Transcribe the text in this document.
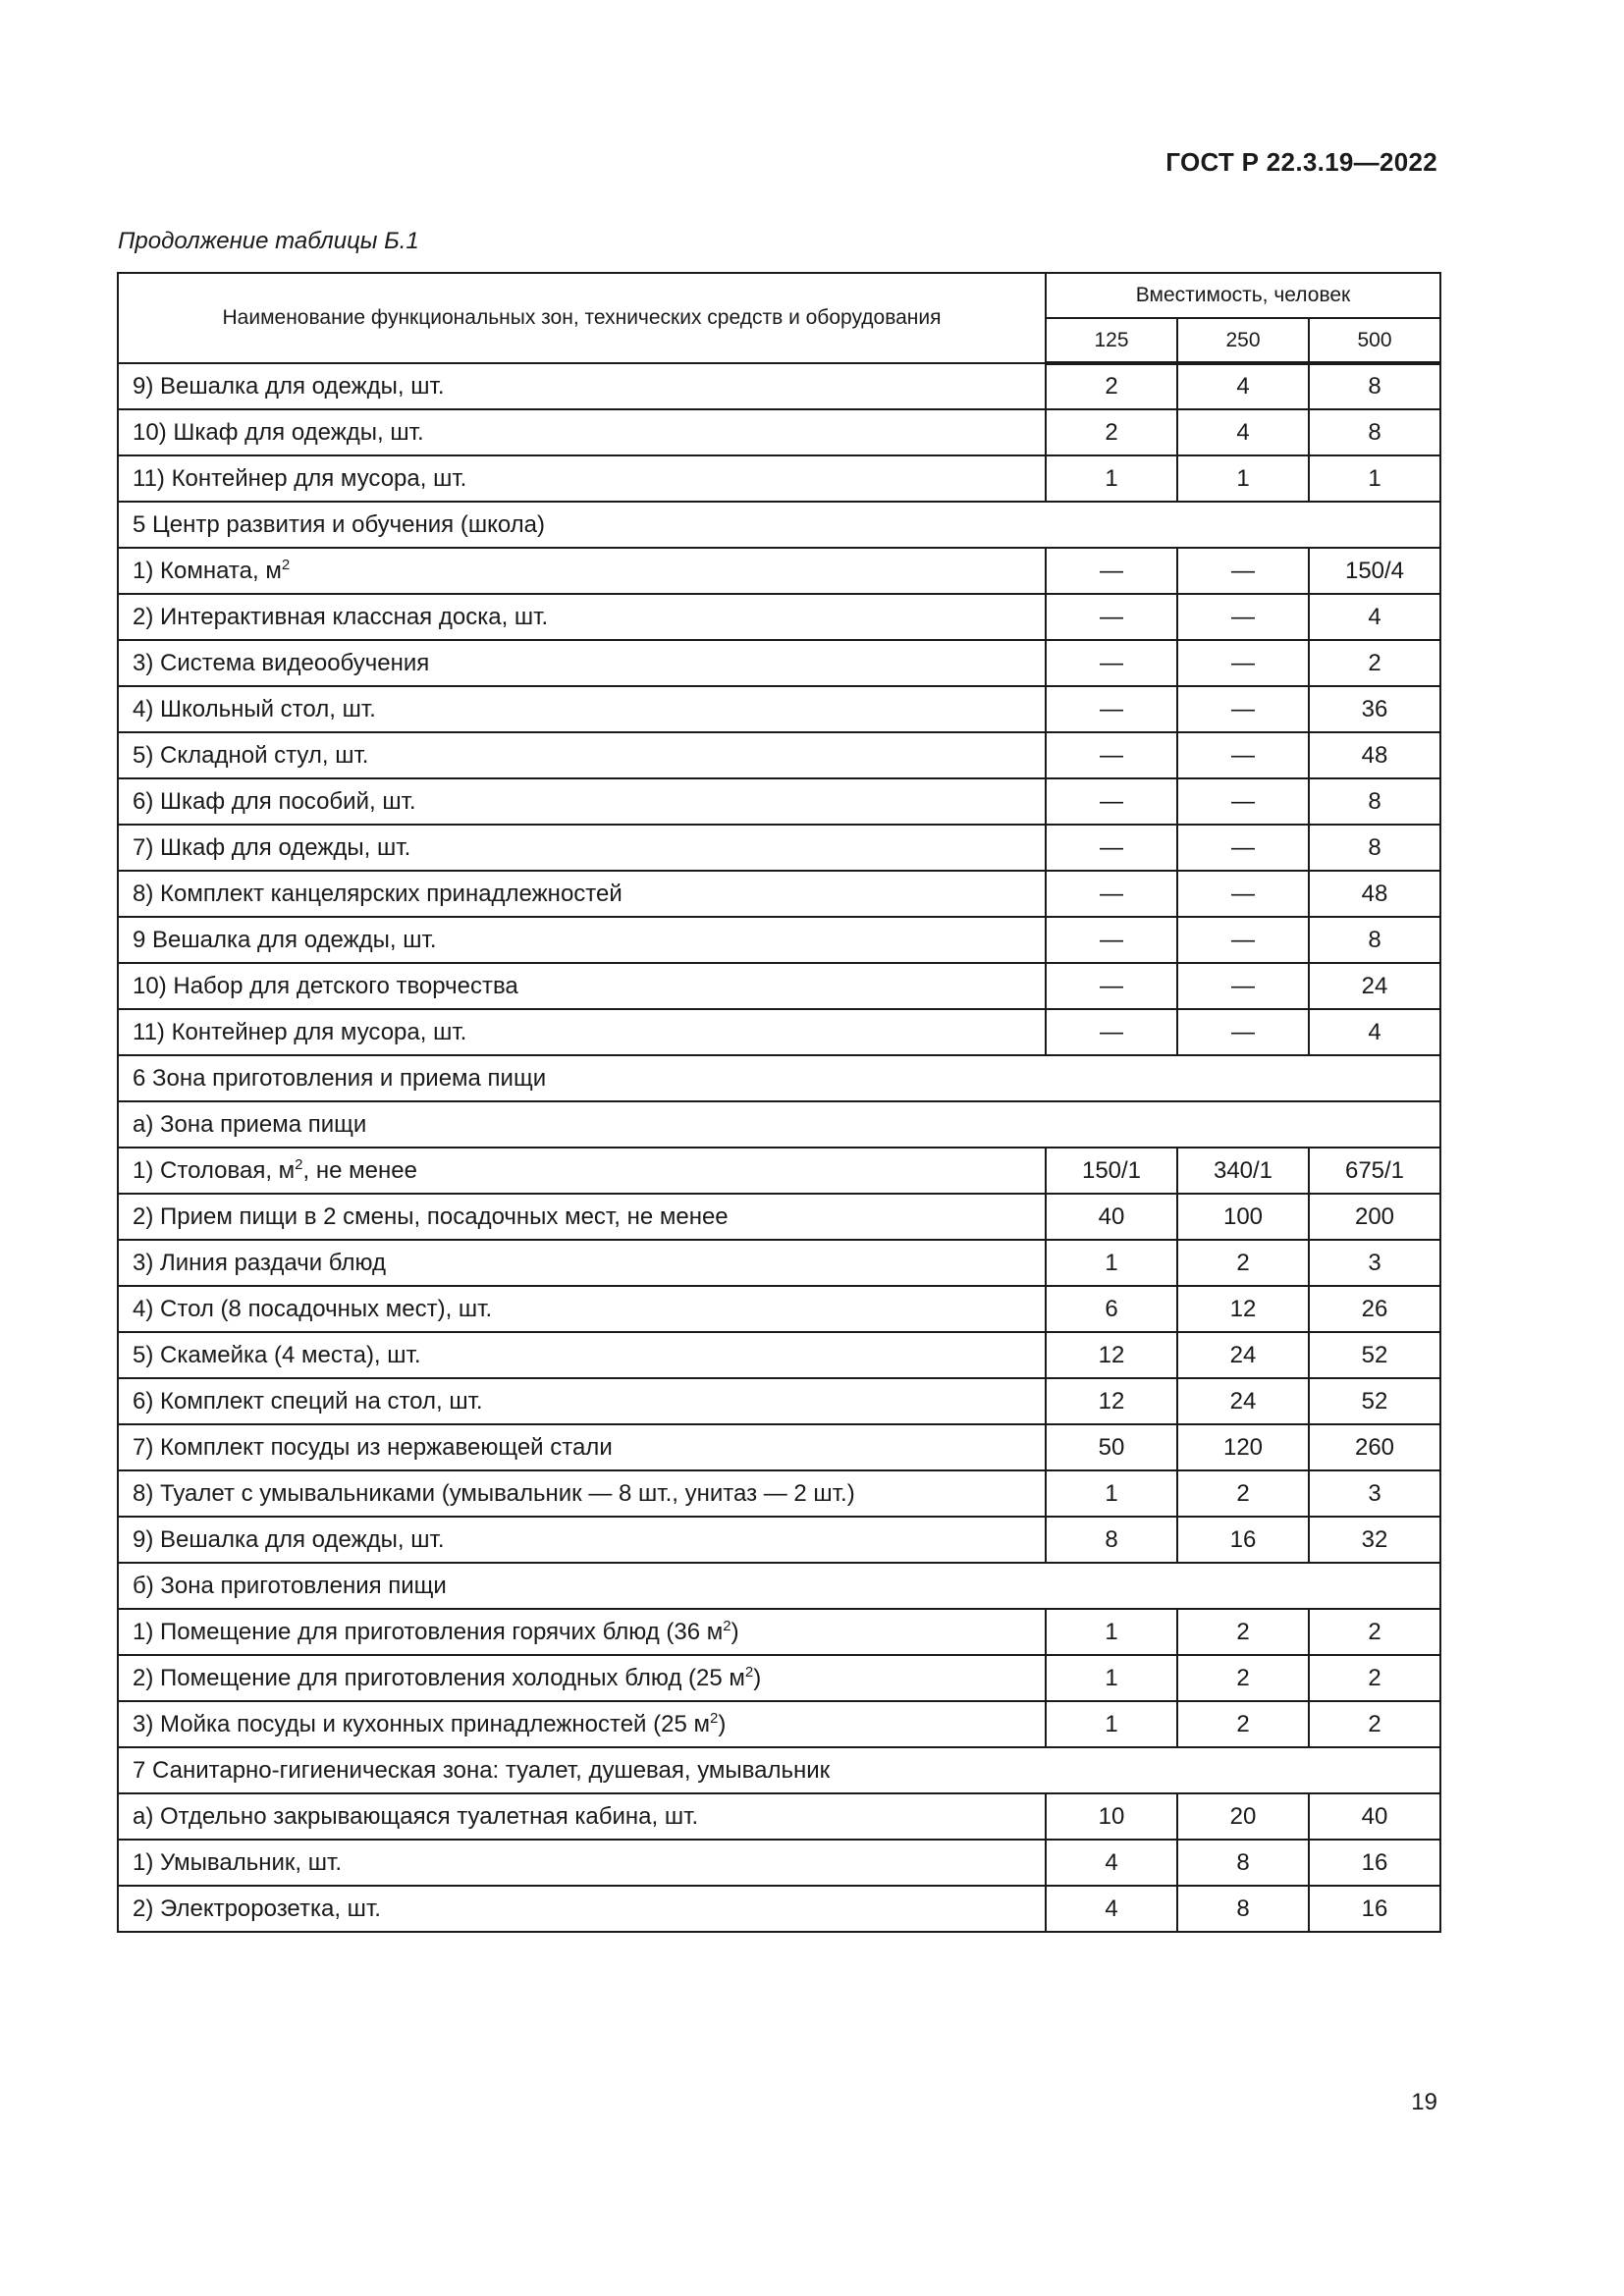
ГОСТ Р 22.3.19—2022
Продолжение таблицы Б.1
Наименование функциональных зон, технических средств и оборудования	Вместимость, человек		
	125	250	500
9) Вешалка для одежды, шт.	2	4	8
10) Шкаф для одежды, шт.	2	4	8
11) Контейнер для мусора, шт.	1	1	1
5 Центр развития и обучения (школа)			
1) Комната, $м^2$	—	—	150/4
2) Интерактивная классная доска, шт.	—	—	4
3) Система видеообучения	—	—	2
4) Школьный стол, шт.	—	—	36
5) Складной стул, шт.	—	—	48
6) Шкаф для пособий, шт.	—	—	8
7) Шкаф для одежды, шт.	—	—	8
8) Комплект канцелярских принадлежностей	—	—	48
9 Вешалка для одежды, шт.	—	—	8
10) Набор для детского творчества	—	—	24
11) Контейнер для мусора, шт.	—	—	4
6 Зона приготовления и приема пищи			
а) Зона приема пищи			
1) Столовая, $м^2$, не менее	150/1	340/1	675/1
2) Прием пищи в 2 смены, посадочных мест, не менее	40	100	200
3) Линия раздачи блюд	1	2	3
4) Стол (8 посадочных мест), шт.	6	12	26
5) Скамейка (4 места), шт.	12	24	52
6) Комплект специй на стол, шт.	12	24	52
7) Комплект посуды из нержавеющей стали	50	120	260
8) Туалет с умывальниками (умывальник — 8 шт., унитаз — 2 шт.)	1	2	3
9) Вешалка для одежды, шт.	8	16	32
б) Зона приготовления пищи			
1) Помещение для приготовления горячих блюд (36 $м^2$)	1	2	2
2) Помещение для приготовления холодных блюд (25 $м^2$)	1	2	2
3) Мойка посуды и кухонных принадлежностей (25 $м^2$)	1	2	2
7 Санитарно-гигиеническая зона: туалет, душевая, умывальник			
а) Отдельно закрывающаяся туалетная кабина, шт.	10	20	40
1) Умывальник, шт.	4	8	16
2) Электророзетка, шт.	4	8	16
19
